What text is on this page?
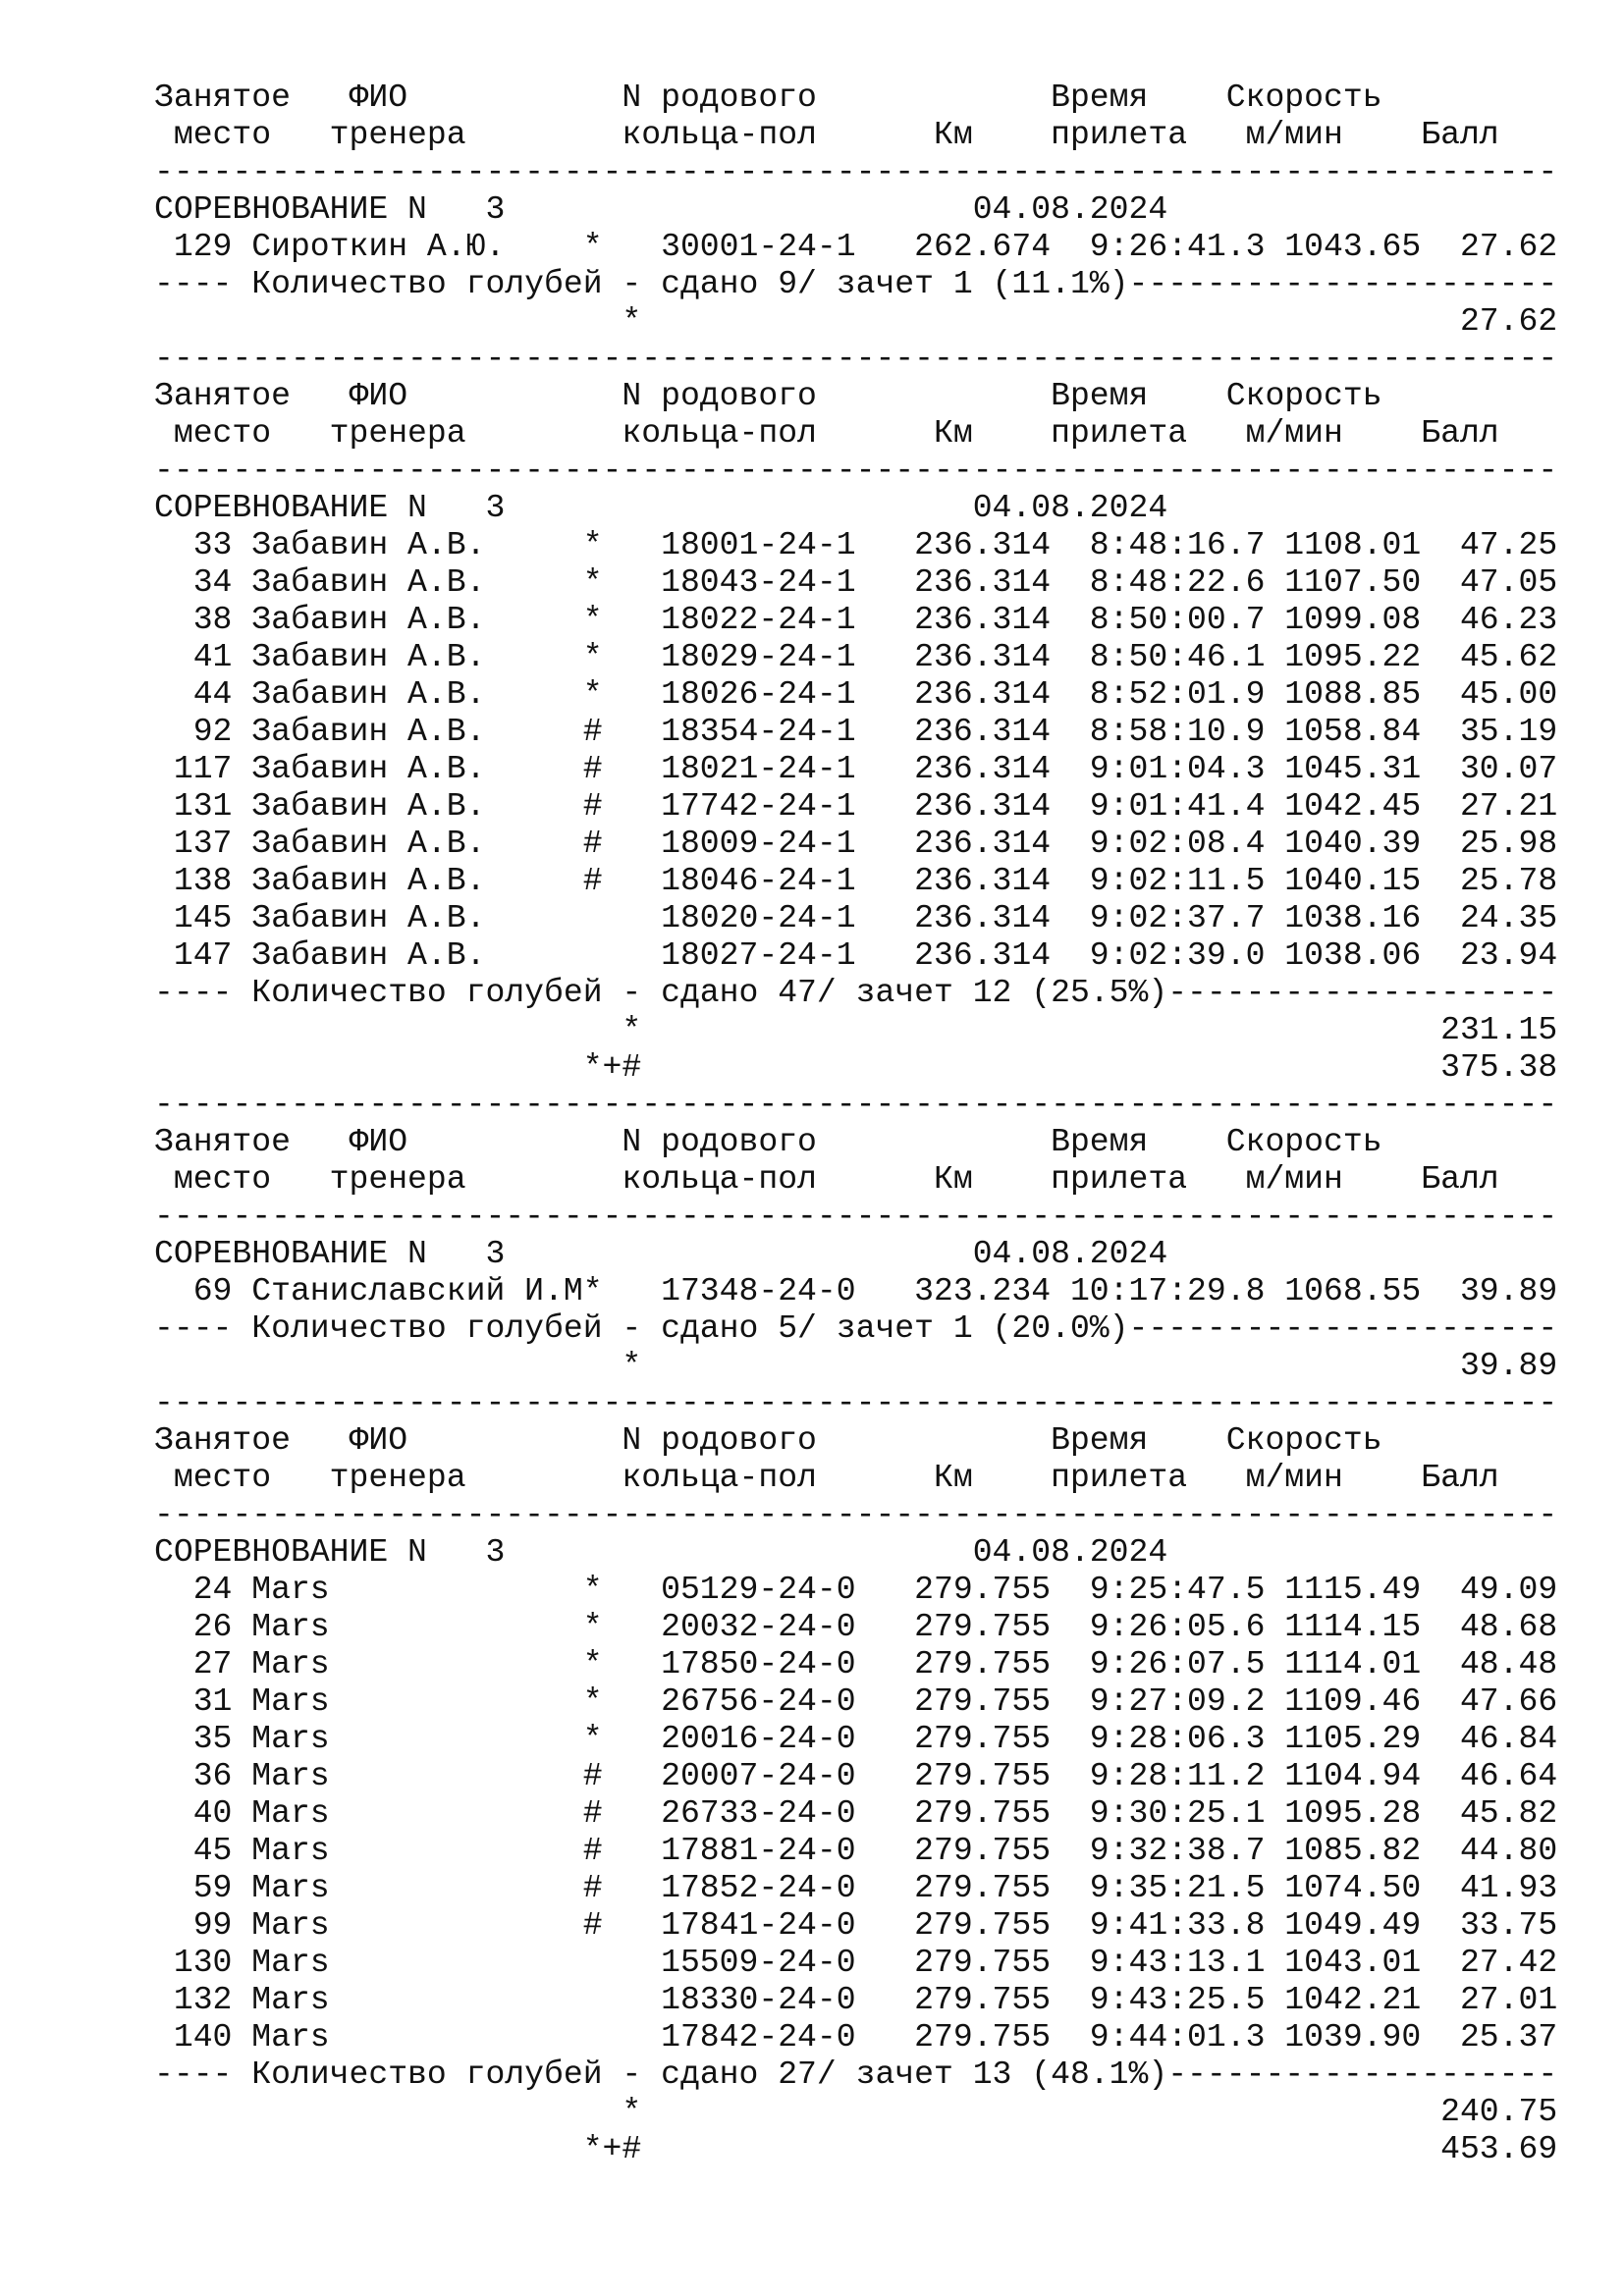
Занятое   ФИО           N родового            Время    Скорость
место   тренера        кольца-пол      Км    прилета   м/мин    Балл
------------------------------------------------------------------------
СОРЕВНОВАНИЕ N   3                        04.08.2024
129 Сироткин А.Ю.    *   30001-24-1   262.674  9:26:41.3 1043.65  27.62
---- Количество голубей - сдано 9/ зачет 1 (11.1%)----------------------
*                                          27.62
------------------------------------------------------------------------
Занятое   ФИО           N родового            Время    Скорость
место   тренера        кольца-пол      Км    прилета   м/мин    Балл
------------------------------------------------------------------------
СОРЕВНОВАНИЕ N   3                        04.08.2024
33 Забавин А.В.     *   18001-24-1   236.314  8:48:16.7 1108.01  47.25
34 Забавин А.В.     *   18043-24-1   236.314  8:48:22.6 1107.50  47.05
38 Забавин А.В.     *   18022-24-1   236.314  8:50:00.7 1099.08  46.23
41 Забавин А.В.     *   18029-24-1   236.314  8:50:46.1 1095.22  45.62
44 Забавин А.В.     *   18026-24-1   236.314  8:52:01.9 1088.85  45.00
92 Забавин А.В.     #   18354-24-1   236.314  8:58:10.9 1058.84  35.19
117 Забавин А.В.     #   18021-24-1   236.314  9:01:04.3 1045.31  30.07
131 Забавин А.В.     #   17742-24-1   236.314  9:01:41.4 1042.45  27.21
137 Забавин А.В.     #   18009-24-1   236.314  9:02:08.4 1040.39  25.98
138 Забавин А.В.     #   18046-24-1   236.314  9:02:11.5 1040.15  25.78
145 Забавин А.В.         18020-24-1   236.314  9:02:37.7 1038.16  24.35
147 Забавин А.В.         18027-24-1   236.314  9:02:39.0 1038.06  23.94
---- Количество голубей - сдано 47/ зачет 12 (25.5%)--------------------
*                                         231.15
*+#                                         375.38
------------------------------------------------------------------------
Занятое   ФИО           N родового            Время    Скорость
место   тренера        кольца-пол      Км    прилета   м/мин    Балл
------------------------------------------------------------------------
СОРЕВНОВАНИЕ N   3                        04.08.2024
69 Станиславский И.М*   17348-24-0   323.234 10:17:29.8 1068.55  39.89
---- Количество голубей - сдано 5/ зачет 1 (20.0%)----------------------
*                                          39.89
------------------------------------------------------------------------
Занятое   ФИО           N родового            Время    Скорость
место   тренера        кольца-пол      Км    прилета   м/мин    Балл
------------------------------------------------------------------------
СОРЕВНОВАНИЕ N   3                        04.08.2024
24 Mars             *   05129-24-0   279.755  9:25:47.5 1115.49  49.09
26 Mars             *   20032-24-0   279.755  9:26:05.6 1114.15  48.68
27 Mars             *   17850-24-0   279.755  9:26:07.5 1114.01  48.48
31 Mars             *   26756-24-0   279.755  9:27:09.2 1109.46  47.66
35 Mars             *   20016-24-0   279.755  9:28:06.3 1105.29  46.84
36 Mars             #   20007-24-0   279.755  9:28:11.2 1104.94  46.64
40 Mars             #   26733-24-0   279.755  9:30:25.1 1095.28  45.82
45 Mars             #   17881-24-0   279.755  9:32:38.7 1085.82  44.80
59 Mars             #   17852-24-0   279.755  9:35:21.5 1074.50  41.93
99 Mars             #   17841-24-0   279.755  9:41:33.8 1049.49  33.75
130 Mars                 15509-24-0   279.755  9:43:13.1 1043.01  27.42
132 Mars                 18330-24-0   279.755  9:43:25.5 1042.21  27.01
140 Mars                 17842-24-0   279.755  9:44:01.3 1039.90  25.37
---- Количество голубей - сдано 27/ зачет 13 (48.1%)--------------------
*                                         240.75
*+#                                         453.69
